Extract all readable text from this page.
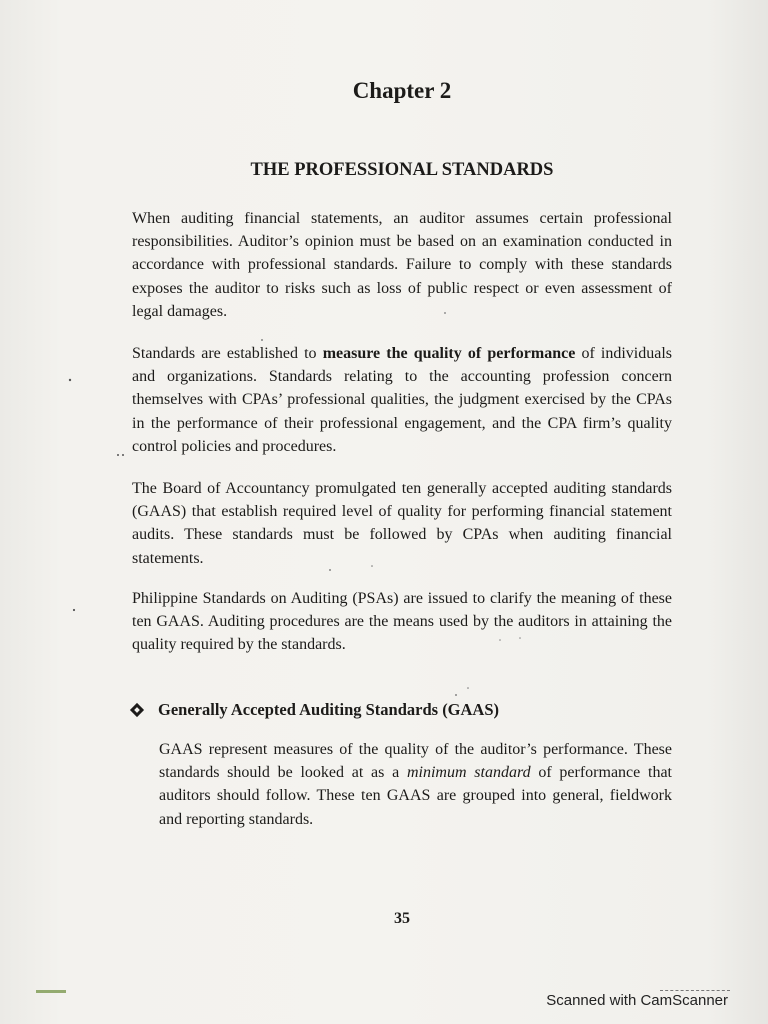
Chapter 2
THE PROFESSIONAL STANDARDS
When auditing financial statements, an auditor assumes certain professional responsibilities. Auditor’s opinion must be based on an examination conducted in accordance with professional standards. Failure to comply with these standards exposes the auditor to risks such as loss of public respect or even assessment of legal damages.
Standards are established to measure the quality of performance of individuals and organizations. Standards relating to the accounting profession concern themselves with CPAs’ professional qualities, the judgment exercised by the CPAs in the performance of their professional engagement, and the CPA firm’s quality control policies and procedures.
The Board of Accountancy promulgated ten generally accepted auditing standards (GAAS) that establish required level of quality for performing financial statement audits. These standards must be followed by CPAs when auditing financial statements.
Philippine Standards on Auditing (PSAs) are issued to clarify the meaning of these ten GAAS. Auditing procedures are the means used by the auditors in attaining the quality required by the standards.
Generally Accepted Auditing Standards (GAAS)
GAAS represent measures of the quality of the auditor’s performance. These standards should be looked at as a minimum standard of performance that auditors should follow. These ten GAAS are grouped into general, fieldwork and reporting standards.
35
Scanned with CamScanner
